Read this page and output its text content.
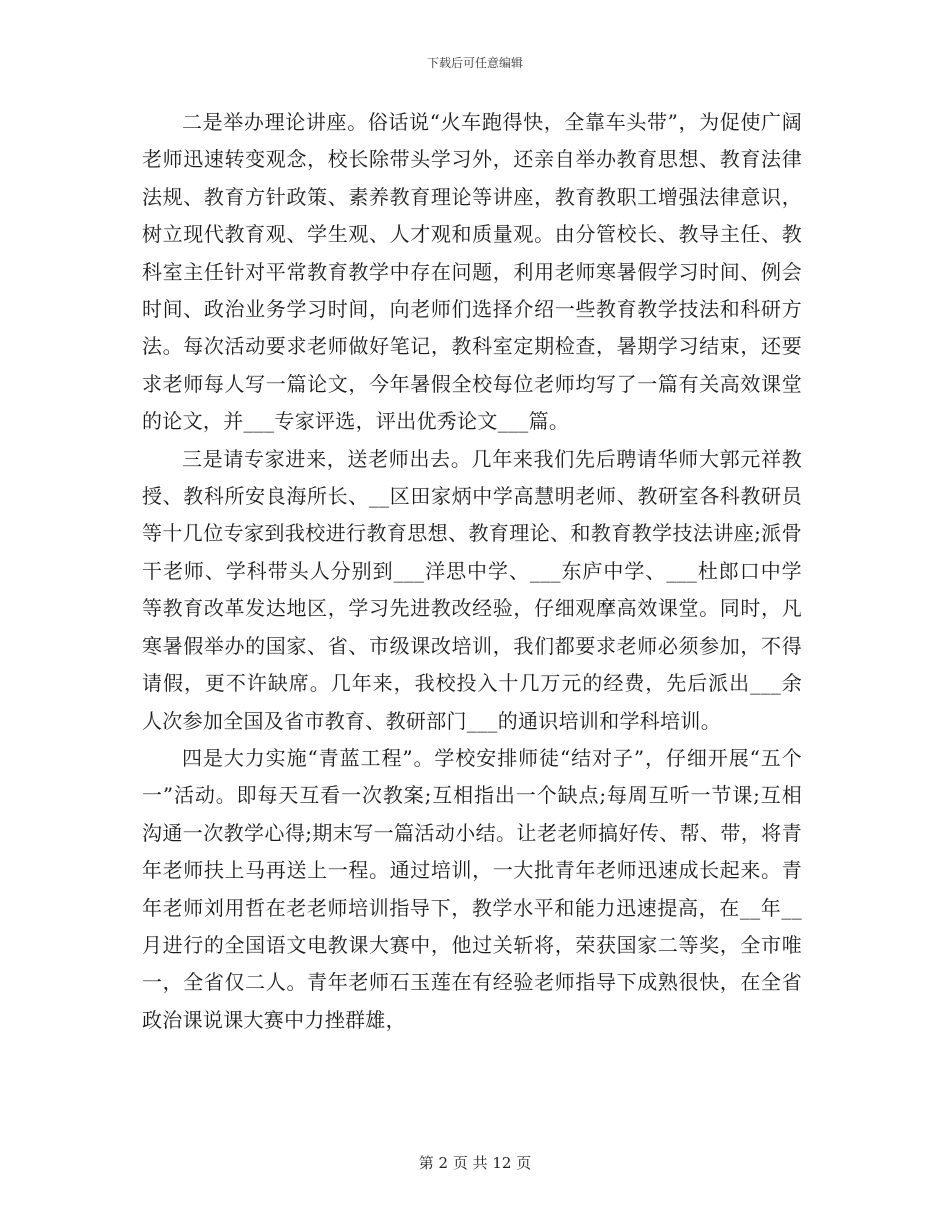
下载后可任意编辑

二是举办理论讲座。俗话说“火车跑得快，全靠车头带”，为促使广阔老师迅速转变观念，校长除带头学习外，还亲自举办教育思想、教育法律法规、教育方针政策、素养教育理论等讲座，教育教职工增强法律意识，树立现代教育观、学生观、人才观和质量观。由分管校长、教导主任、教科室主任针对平常教育教学中存在问题，利用老师寒暑假学习时间、例会时间、政治业务学习时间，向老师们选择介绍一些教育教学技法和科研方法。每次活动要求老师做好笔记，教科室定期检查，暑期学习结束，还要求老师每人写一篇论文，今年暑假全校每位老师均写了一篇有关高效课堂的论文，并___专家评选，评出优秀论文___篇。

三是请专家进来，送老师出去。几年来我们先后聘请华师大郭元祥教授、教科所安良海所长、__区田家炳中学高慧明老师、教研室各科教研员等十几位专家到我校进行教育思想、教育理论、和教育教学技法讲座;派骨干老师、学科带头人分别到___洋思中学、___东庐中学、___杜郎口中学等教育改革发达地区，学习先进教改经验，仔细观摩高效课堂。同时，凡寒暑假举办的国家、省、市级课改培训，我们都要求老师必须参加，不得请假，更不许缺席。几年来，我校投入十几万元的经费，先后派出___余人次参加全国及省市教育、教研部门___的通识培训和学科培训。

四是大力实施“青蓝工程”。学校安排师徒“结对子”，仔细开展“五个一”活动。即每天互看一次教案;互相指出一个缺点;每周互听一节课;互相沟通一次教学心得;期末写一篇活动小结。让老老师搞好传、帮、带，将青年老师扶上马再送上一程。通过培训，一大批青年老师迅速成长起来。青年老师刘用哲在老老师培训指导下，教学水平和能力迅速提高，在__年__月进行的全国语文电教课大赛中，他过关斩将，荣获国家二等奖，全市唯一，全省仅二人。青年老师石玉莲在有经验老师指导下成熟很快，在全省政治课说课大赛中力挫群雄，

第 2 页 共 12 页
